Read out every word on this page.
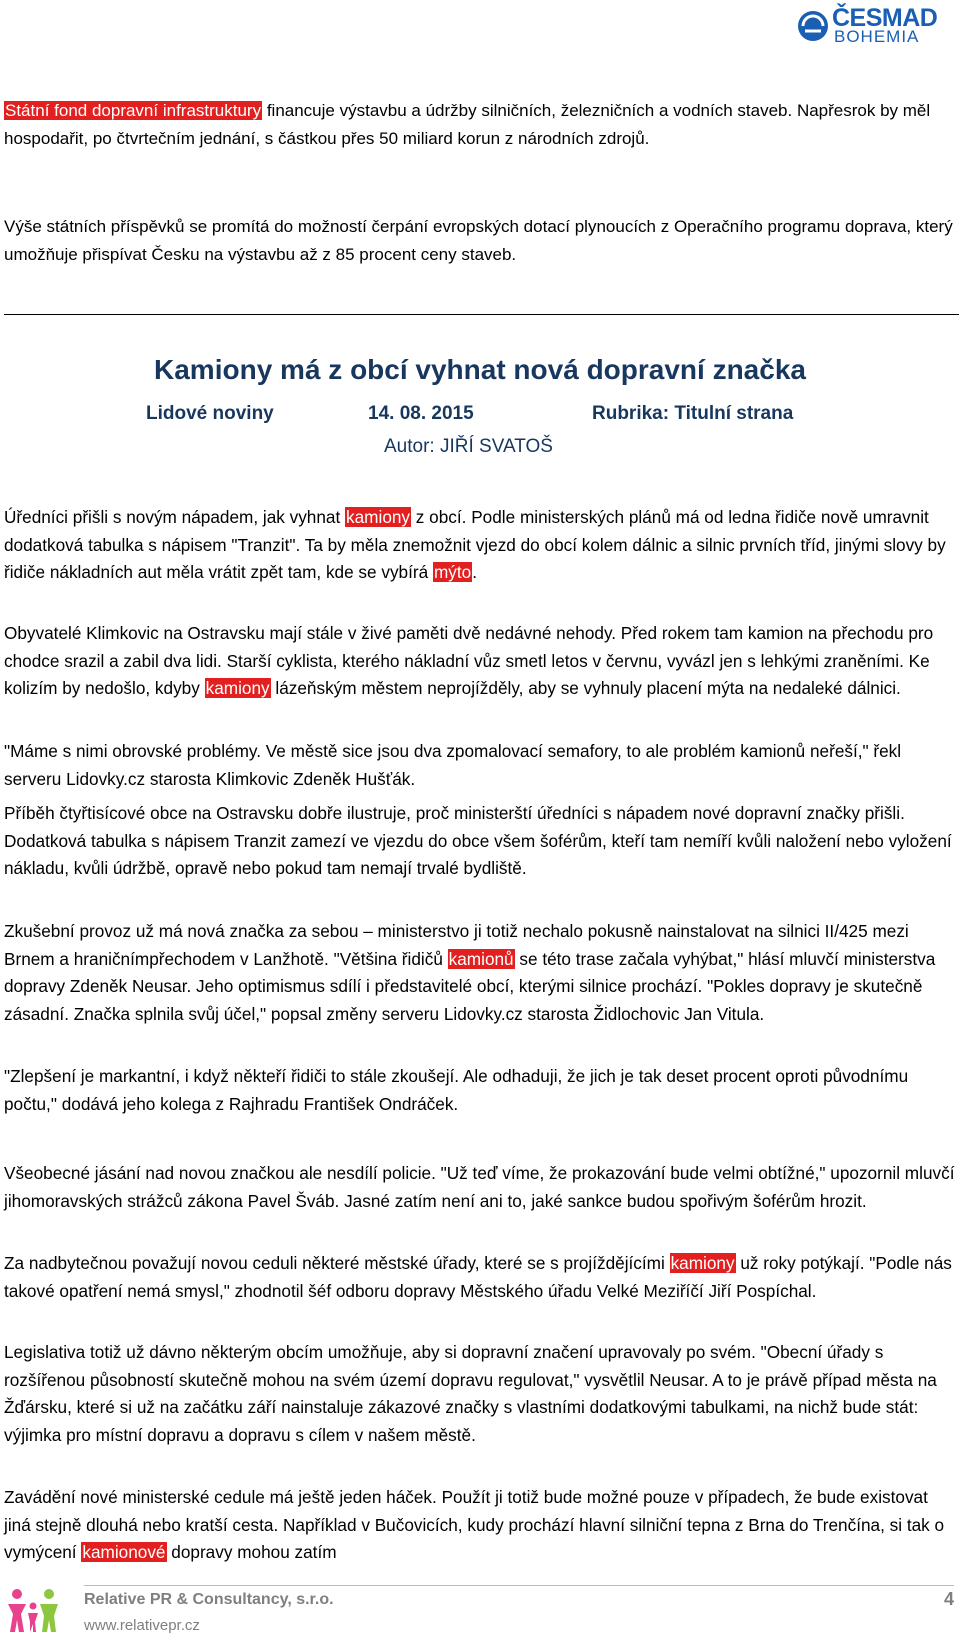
ČESMAD
BOHEMIA

Státní fond dopravní infrastruktury financuje výstavbu a údržby silničních, železničních a vodních staveb. Napřesrok by měl hospodařit, po čtvrtečním jednání, s částkou přes 50 miliard korun z národních zdrojů.

Výše státních příspěvků se promítá do možností čerpání evropských dotací plynoucích z Operačního programu doprava, který umožňuje přispívat Česku na výstavbu až z 85 procent ceny staveb.

Kamiony má z obcí vyhnat nová dopravní značka
Lidové noviny	14. 08. 2015	Rubrika: Titulní strana
Autor: JIŘÍ SVATOŠ

Úředníci přišli s novým nápadem, jak vyhnat kamiony z obcí. Podle ministerských plánů má od ledna řidiče nově umravnit dodatková tabulka s nápisem "Tranzit". Ta by měla znemožnit vjezd do obcí kolem dálnic a silnic prvních tříd, jinými slovy by řidiče nákladních aut měla vrátit zpět tam, kde se vybírá mýto.

Obyvatelé Klimkovic na Ostravsku mají stále v živé paměti dvě nedávné nehody. Před rokem tam kamion na přechodu pro chodce srazil a zabil dva lidi. Starší cyklista, kterého nákladní vůz smetl letos v červnu, vyvázl jen s lehkými zraněními. Ke kolizím by nedošlo, kdyby kamiony lázeňským městem neprojížděly, aby se vyhnuly placení mýta na nedaleké dálnici.

"Máme s nimi obrovské problémy. Ve městě sice jsou dva zpomalovací semafory, to ale problém kamionů neřeší," řekl serveru Lidovky.cz starosta Klimkovic Zdeněk Hušťák.

Příběh čtyřtisícové obce na Ostravsku dobře ilustruje, proč ministerští úředníci s nápadem nové dopravní značky přišli. Dodatková tabulka s nápisem Tranzit zamezí ve vjezdu do obce všem šoférům, kteří tam nemíří kvůli naložení nebo vyložení nákladu, kvůli údržbě, opravě nebo pokud tam nemají trvalé bydliště.

Zkušební provoz už má nová značka za sebou – ministerstvo ji totiž nechalo pokusně nainstalovat na silnici II/425 mezi Brnem a hraničnímpřechodem v Lanžhotě. "Většina řidičů kamionů se této trase začala vyhýbat," hlásí mluvčí ministerstva dopravy Zdeněk Neusar. Jeho optimismus sdílí i představitelé obcí, kterými silnice prochází. "Pokles dopravy je skutečně zásadní. Značka splnila svůj účel," popsal změny serveru Lidovky.cz starosta Židlochovic Jan Vitula.

"Zlepšení je markantní, i když někteří řidiči to stále zkoušejí. Ale odhaduji, že jich je tak deset procent oproti původnímu počtu," dodává jeho kolega z Rajhradu František Ondráček.

Všeobecné jásání nad novou značkou ale nesdílí policie. "Už teď víme, že prokazování bude velmi obtížné," upozornil mluvčí jihomoravských strážců zákona Pavel Šváb. Jasné zatím není ani to, jaké sankce budou spořivým šoférům hrozit.

Za nadbytečnou považují novou ceduli některé městské úřady, které se s projíždějícími kamiony už roky potýkají. "Podle nás takové opatření nemá smysl," zhodnotil šéf odboru dopravy Městského úřadu Velké Meziříčí Jiří Pospíchal.

Legislativa totiž už dávno některým obcím umožňuje, aby si dopravní značení upravovaly po svém. "Obecní úřady s rozšířenou působností skutečně mohou na svém území dopravu regulovat," vysvětlil Neusar. A to je právě případ města na Žďársku, které si už na začátku září nainstaluje zákazové značky s vlastními dodatkovými tabulkami, na nichž bude stát: výjimka pro místní dopravu a dopravu s cílem v našem městě.

Zavádění nové ministerské cedule má ještě jeden háček. Použít ji totiž bude možné pouze v případech, že bude existovat jiná stejně dlouhá nebo kratší cesta. Například v Bučovicích, kudy prochází hlavní silniční tepna z Brna do Trenčína, si tak o vymýcení kamionové dopravy mohou zatím

Relative PR & Consultancy, s.r.o.
www.relativepr.cz
4
